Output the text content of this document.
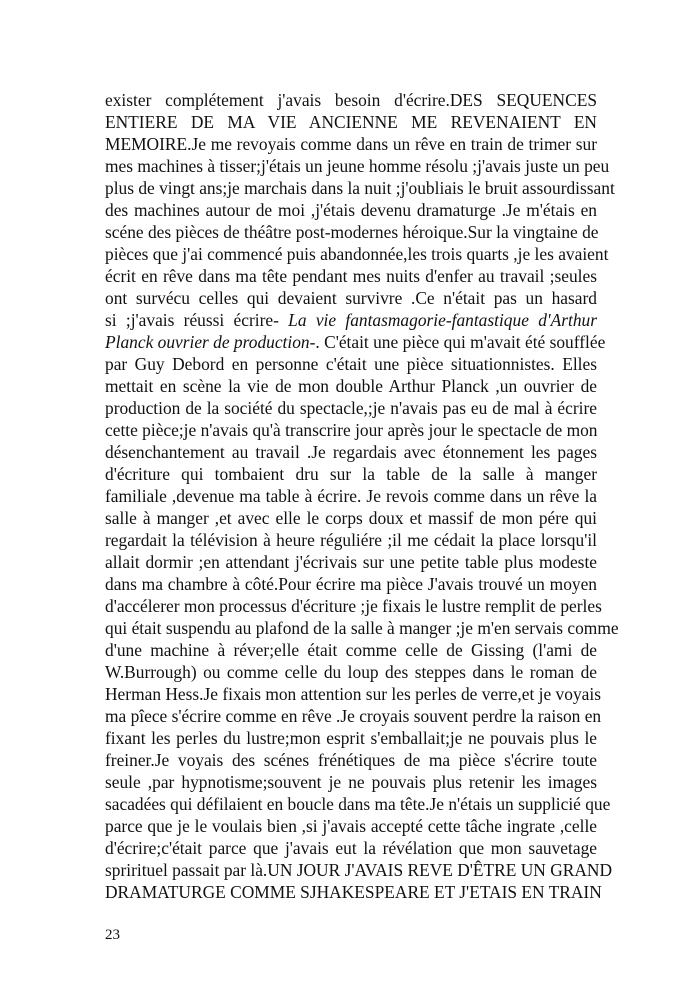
exister complétement j'avais besoin d'écrire.DES SEQUENCES
ENTIERE DE MA VIE ANCIENNE ME REVENAIENT EN
MEMOIRE.Je me revoyais comme dans un rêve en train de trimer sur
mes machines à tisser;j'étais un jeune homme résolu ;j'avais juste un peu
plus de vingt ans;je marchais dans la nuit ;j'oubliais le bruit assourdissant
des machines autour de moi ,j'étais devenu dramaturge .Je m'étais en
scéne des pièces de théâtre post-modernes héroique.Sur la vingtaine de
pièces que j'ai commencé puis abandonnée,les trois quarts ,je les avaient
écrit en rêve dans ma tête pendant mes nuits d'enfer au travail ;seules
ont survécu celles qui devaient survivre .Ce n'était pas un hasard
si ;j'avais réussi écrire- La vie fantasmagorie-fantastique d'Arthur
Planck ouvrier de production-. C'était une pièce qui m'avait été soufflée
par Guy Debord en personne c'était une pièce situationnistes. Elles
mettait en scène la vie de mon double Arthur Planck ,un ouvrier de
production de la société du spectacle,;je n'avais pas eu de mal à écrire
cette pièce;je n'avais qu'à transcrire jour après jour le spectacle de mon
désenchantement au travail .Je regardais avec étonnement les pages
d'écriture qui tombaient dru sur la table de la salle à manger
familiale ,devenue ma table à écrire. Je revois comme dans un rêve la
salle à manger ,et avec elle le corps doux et massif de mon pére qui
regardait la télévision à heure réguliére ;il me cédait la place lorsqu'il
allait dormir ;en attendant j'écrivais sur une petite table plus modeste
dans ma chambre à côté.Pour écrire ma pièce J'avais trouvé un moyen
d'accélerer mon processus d'écriture ;je fixais le lustre remplit de perles
qui était suspendu au plafond de la salle à manger ;je m'en servais comme
d'une machine à réver;elle était comme celle de Gissing (l'ami de
W.Burrough) ou comme celle du loup des steppes dans le roman de
Herman Hess.Je fixais mon attention sur les perles de verre,et je voyais
ma pîece s'écrire comme en rêve .Je croyais souvent perdre la raison en
fixant les perles du lustre;mon esprit s'emballait;je ne pouvais plus le
freiner.Je voyais des scénes frénétiques de ma pièce s'écrire toute
seule ,par hypnotisme;souvent je ne pouvais plus retenir les images
sacadées qui défilaient en boucle dans ma tête.Je n'étais un supplicié que
parce que je le voulais bien ,si j'avais accepté cette tâche ingrate ,celle
d'écrire;c'était parce que j'avais eut la révélation que mon sauvetage
sprirituel passait par là.UN JOUR J'AVAIS REVE D'ÊTRE UN GRAND
DRAMATURGE COMME SJHAKESPEARE ET J'ETAIS EN TRAIN
23
